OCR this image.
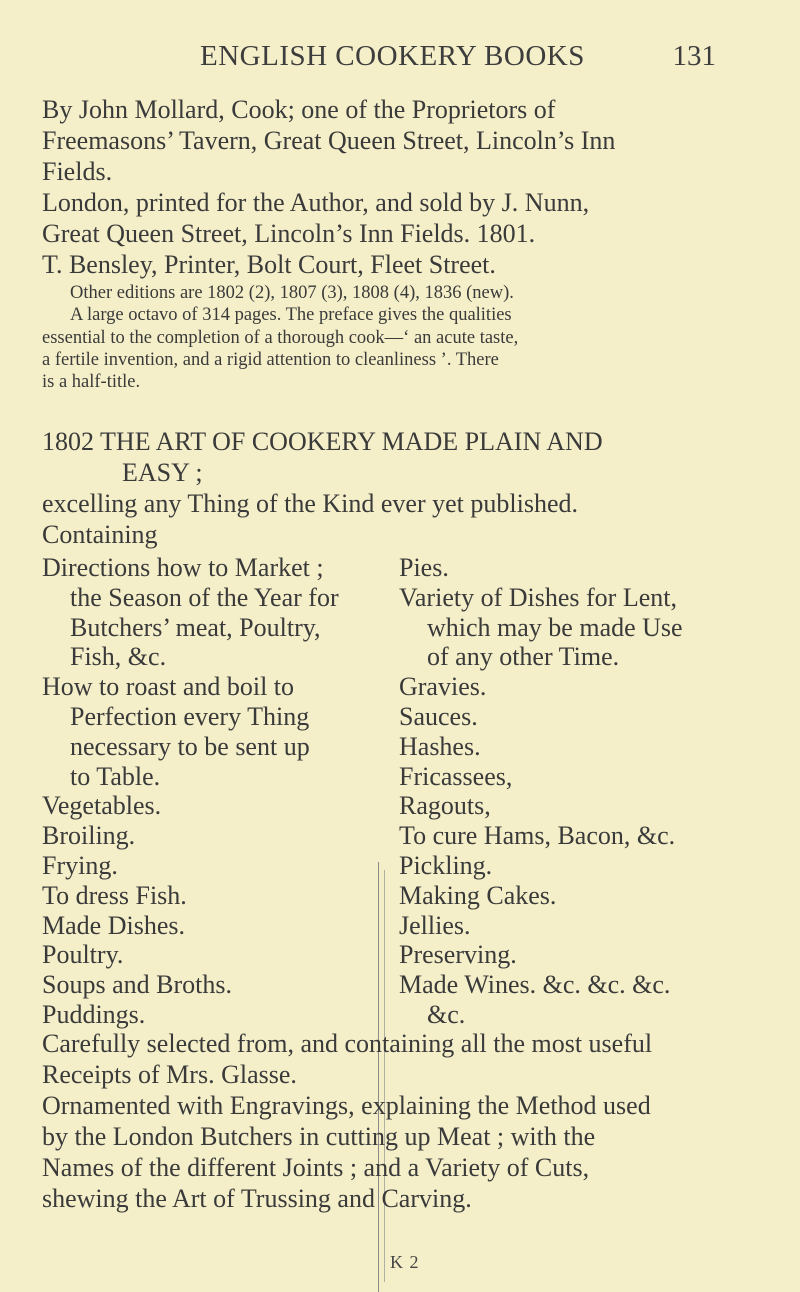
ENGLISH COOKERY BOOKS	131
By John Mollard, Cook; one of the Proprietors of
Freemasons’ Tavern, Great Queen Street, Lincoln’s Inn
Fields.
London, printed for the Author, and sold by J. Nunn,
Great Queen Street, Lincoln’s Inn Fields. 1801.
T. Bensley, Printer, Bolt Court, Fleet Street.
Other editions are 1802 (2), 1807 (3), 1808 (4), 1836 (new).
A large octavo of 314 pages. The preface gives the qualities
essential to the completion of a thorough cook—‘ an acute taste,
a fertile invention, and a rigid attention to cleanliness ’. There
is a half-title.
1802 THE ART OF COOKERY MADE PLAIN AND
EASY ;
excelling any Thing of the Kind ever yet published.
Containing
Directions how to Market ;
the Season of the Year for
Butchers’ meat, Poultry,
Fish, &c.
How to roast and boil to
Perfection every Thing
necessary to be sent up
to Table.
Vegetables.
Broiling.
Frying.
To dress Fish.
Made Dishes.
Poultry.
Soups and Broths.
Puddings.
Pies.
Variety of Dishes for Lent,
which may be made Use
of any other Time.
Gravies.
Sauces.
Hashes.
Fricassees,
Ragouts,
To cure Hams, Bacon, &c.
Pickling.
Making Cakes.
Jellies.
Preserving.
Made Wines. &c. &c. &c.
&c.
Carefully selected from, and containing all the most useful
Receipts of Mrs. Glasse.
Ornamented with Engravings, explaining the Method used
by the London Butchers in cutting up Meat ; with the
Names of the different Joints ; and a Variety of Cuts,
shewing the Art of Trussing and Carving.
K 2
